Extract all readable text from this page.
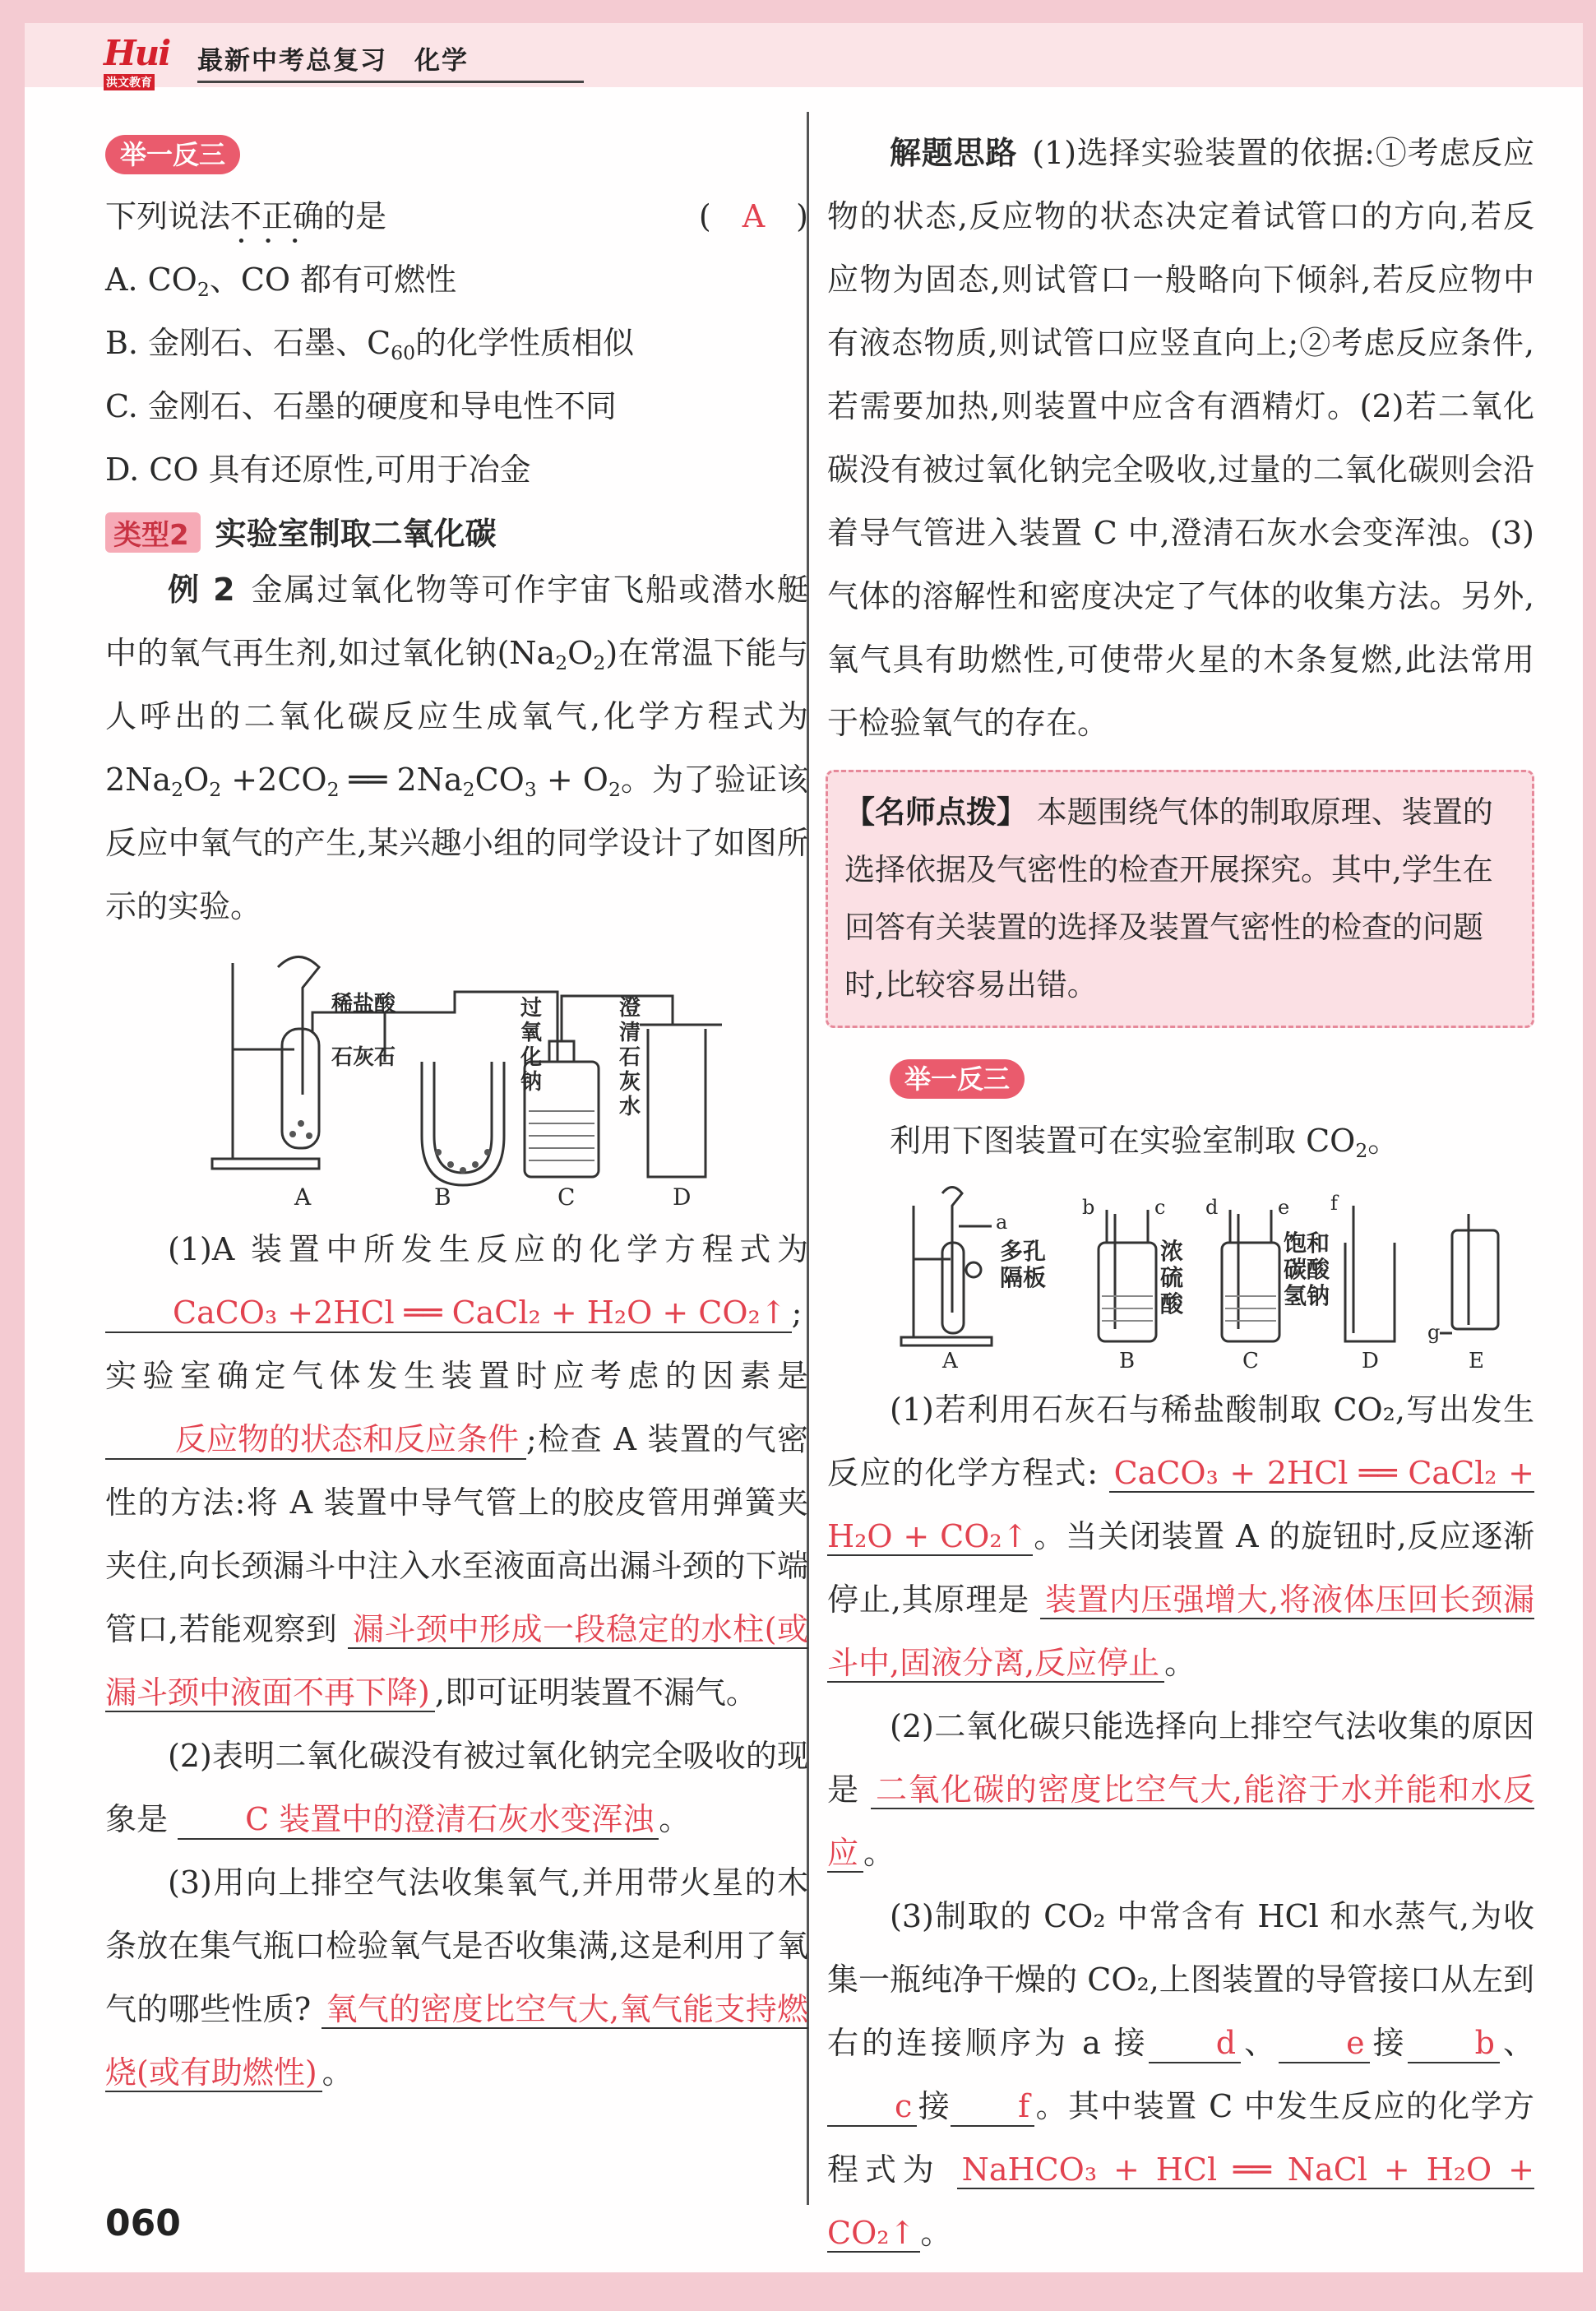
Hui
洪文教育
最新中考总复习　化学
举一反三

下列说法不正确
•••
的是	(　A　)

A. $CO_2$、CO 都有可燃性

B. 金刚石、石墨、$C_{60}$的化学性质相似

C. 金刚石、石墨的硬度和导电性不同

D. CO 具有还原性,可用于冶金

类型2 实验室制取二氧化碳

例 2 金属过氧化物等可作宇宙飞船或潜水艇中的氧气再生剂,如过氧化钠$(Na_2O_2)$在常温下能与人呼出的二氧化碳反应生成氧气,化学方程式为 $2Na_2O_2 +2CO_2$ ══ $2Na_2CO_3 + O_2$。为了验证该反应中氧气的产生,某兴趣小组的同学设计了如图所示的实验。

稀盐酸
石灰石
过氧化钠
澄清石灰水
A	B	C	D

(1)A 装置中所发生反应的化学方程式为 CaCO₃ +2HCl ══ CaCl₂ + H₂O + CO₂↑ ;实验室确定气体发生装置时应考虑的因素是 反应物的状态和反应条件 ;检查 A 装置的气密性的方法:将 A 装置中导气管上的胶皮管用弹簧夹夹住,向长颈漏斗中注入水至液面高出漏斗颈的下端管口,若能观察到 漏斗颈中形成一段稳定的水柱(或漏斗颈中液面不再下降) ,即可证明装置不漏气。

(2)表明二氧化碳没有被过氧化钠完全吸收的现象是 C 装置中的澄清石灰水变浑浊 。

(3)用向上排空气法收集氧气,并用带火星的木条放在集气瓶口检验氧气是否收集满,这是利用了氧气的哪些性质? 氧气的密度比空气大,氧气能支持燃烧(或有助燃性) 。

解题思路 (1)选择实验装置的依据:①考虑反应物的状态,反应物的状态决定着试管口的方向,若反应物为固态,则试管口一般略向下倾斜,若反应物中有液态物质,则试管口应竖直向上;②考虑反应条件,若需要加热,则装置中应含有酒精灯。(2)若二氧化碳没有被过氧化钠完全吸收,过量的二氧化碳则会沿着导气管进入装置 C 中,澄清石灰水会变浑浊。(3)气体的溶解性和密度决定了气体的收集方法。另外,氧气具有助燃性,可使带火星的木条复燃,此法常用于检验氧气的存在。

【名师点拨】 本题围绕气体的制取原理、装置的选择依据及气密性的检查开展探究。其中,学生在回答有关装置的选择及装置气密性的检查的问题时,比较容易出错。
举一反三

利用下图装置可在实验室制取 $CO_2$。

多孔隔板
浓硫酸
饱和碳酸氢钠
a
b	c d	e f
g
A	B	C	D	E

(1)若利用石灰石与稀盐酸制取 CO₂,写出发生反应的化学方程式: CaCO₃ + 2HCl ══ CaCl₂ + H₂O + CO₂↑ 。当关闭装置 A 的旋钮时,反应逐渐停止,其原理是 装置内压强增大,将液体压回长颈漏斗中,固液分离,反应停止 。

(2)二氧化碳只能选择向上排空气法收集的原因是 二氧化碳的密度比空气大,能溶于水并能和水反应 。

(3)制取的 CO₂ 中常含有 HCl 和水蒸气,为收集一瓶纯净干燥的 CO₂,上图装置的导管接口从左到右的连接顺序为 a 接 d 、 e 接 b 、c 接 f 。其中装置 C 中发生反应的化学方程式为 NaHCO₃ + HCl ══ NaCl + H₂O + CO₂↑ 。

060
